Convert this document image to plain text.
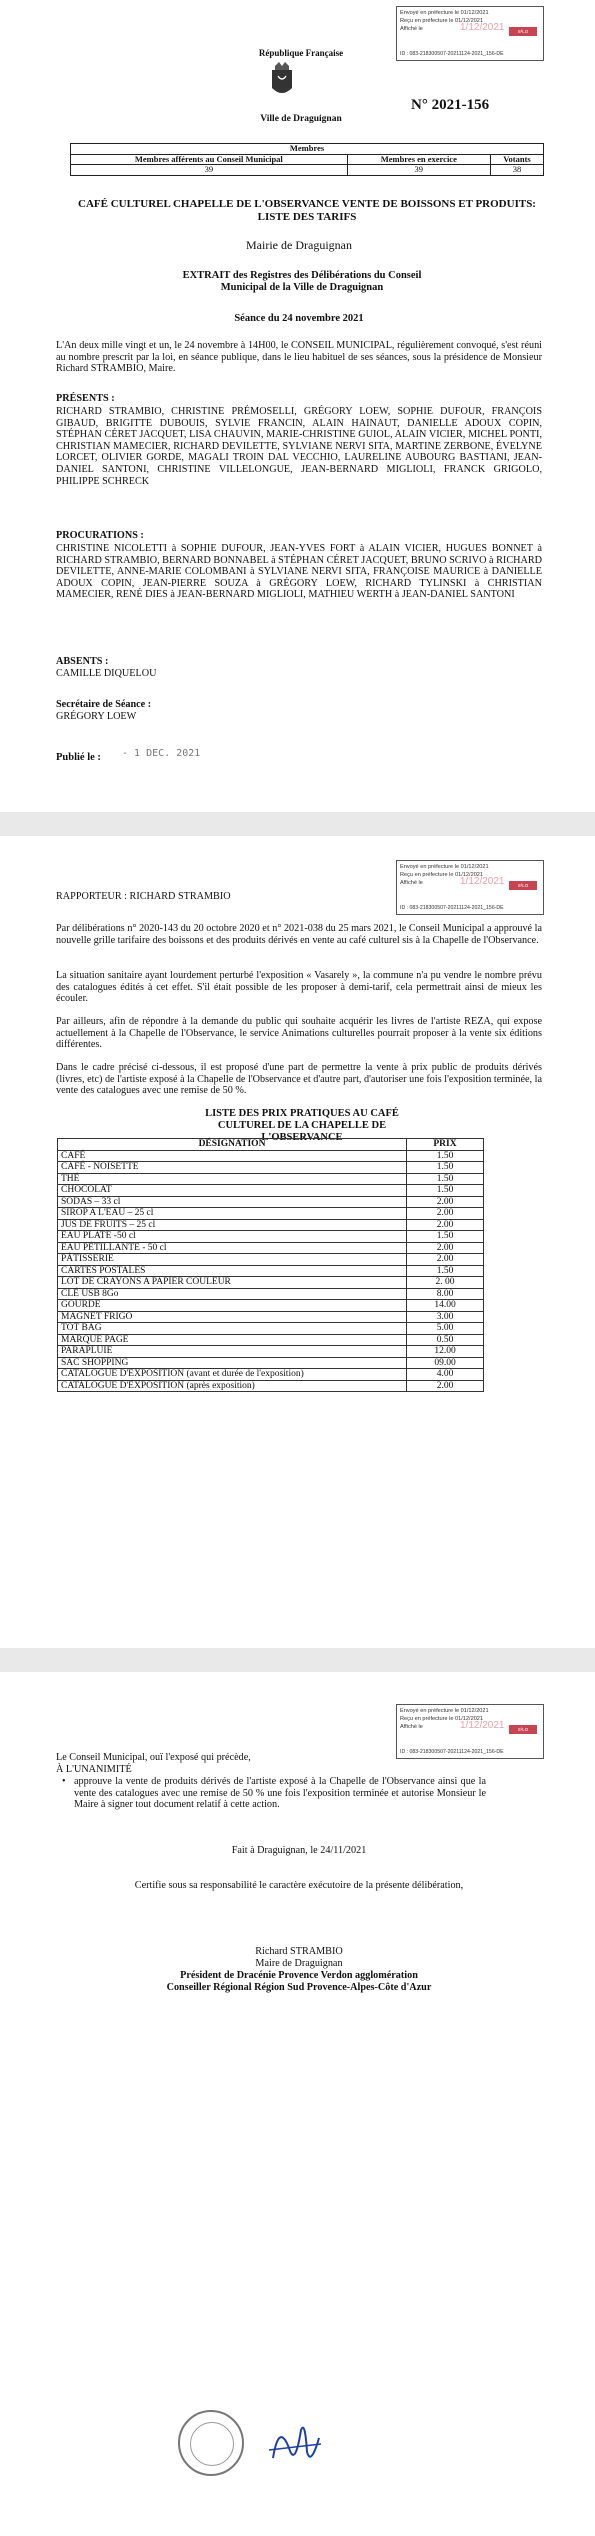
Envoyé en préfecture le 01/12/2021
Reçu en préfecture le 01/12/2021
Affiché le	1/12/2021	S²LO
ID : 083-218300507-20211124-2021_156-DE
République Française
Ville de Draguignan
N° 2021-156
Membres		
Membres afférents au Conseil Municipal	Membres en exercice	Votants
39	39	38
CAFÉ CULTUREL CHAPELLE DE L'OBSERVANCE VENTE DE BOISSONS ET PRODUITS: LISTE DES TARIFS
Mairie de Draguignan
EXTRAIT des Registres des Délibérations du Conseil Municipal de la Ville de Draguignan
Séance du 24 novembre 2021
L'An deux mille vingt et un, le 24 novembre à 14H00, le CONSEIL MUNICIPAL, régulièrement convoqué, s'est réuni au nombre prescrit par la loi, en séance publique, dans le lieu habituel de ses séances, sous la présidence de Monsieur Richard STRAMBIO, Maire.
PRÉSENTS :
RICHARD STRAMBIO, CHRISTINE PRÉMOSELLI, GRÉGORY LOEW, SOPHIE DUFOUR, FRANÇOIS GIBAUD, BRIGITTE DUBOUIS, SYLVIE FRANCIN, ALAIN HAINAUT, DANIELLE ADOUX COPIN, STÉPHAN CÉRET JACQUET, LISA CHAUVIN, MARIE-CHRISTINE GUIOL, ALAIN VICIER, MICHEL PONTI, CHRISTIAN MAMECIER, RICHARD DEVILETTE, SYLVIANE NERVI SITA, MARTINE ZERBONE, ÉVELYNE LORCET, OLIVIER GORDE, MAGALI TROIN DAL VECCHIO, LAURELINE AUBOURG BASTIANI, JEAN-DANIEL SANTONI, CHRISTINE VILLELONGUE, JEAN-BERNARD MIGLIOLI, FRANCK GRIGOLO, PHILIPPE SCHRECK
PROCURATIONS :
CHRISTINE NICOLETTI à SOPHIE DUFOUR, JEAN-YVES FORT à ALAIN VICIER, HUGUES BONNET à RICHARD STRAMBIO, BERNARD BONNABEL à STÉPHAN CÉRET JACQUET, BRUNO SCRIVO à RICHARD DEVILETTE, ANNE-MARIE COLOMBANI à SYLVIANE NERVI SITA, FRANÇOISE MAURICE à DANIELLE ADOUX COPIN, JEAN-PIERRE SOUZA à GRÉGORY LOEW, RICHARD TYLINSKI à CHRISTIAN MAMECIER, RENÉ DIES à JEAN-BERNARD MIGLIOLI, MATHIEU WERTH à JEAN-DANIEL SANTONI
ABSENTS :
CAMILLE DIQUELOU
Secrétaire de Séance :
GRÉGORY LOEW
Publié le : - 1 DEC. 2021
Envoyé en préfecture le 01/12/2021
Reçu en préfecture le 01/12/2021
Affiché le	1/12/2021	S²LO
ID : 083-218300507-20211124-2021_156-DE
RAPPORTEUR : RICHARD STRAMBIO
Par délibérations n° 2020-143 du 20 octobre 2020 et n° 2021-038 du 25 mars 2021, le Conseil Municipal a approuvé la nouvelle grille tarifaire des boissons et des produits dérivés en vente au café culturel sis à la Chapelle de l'Observance.
La situation sanitaire ayant lourdement perturbé l'exposition « Vasarely », la commune n'a pu vendre le nombre prévu des catalogues édités à cet effet. S'il était possible de les proposer à demi-tarif, cela permettrait ainsi de mieux les écouler.
Par ailleurs, afin de répondre à la demande du public qui souhaite acquérir les livres de l'artiste REZA, qui expose actuellement à la Chapelle de l'Observance, le service Animations culturelles pourrait proposer à la vente six éditions différentes.
Dans le cadre précisé ci-dessous, il est proposé d'une part de permettre la vente à prix public de produits dérivés (livres, etc) de l'artiste exposé à la Chapelle de l'Observance et d'autre part, d'autoriser une fois l'exposition terminée, la vente des catalogues avec une remise de 50 %.
LISTE DES PRIX PRATIQUES AU CAFÉ CULTUREL DE LA CHAPELLE DE L'OBSERVANCE
DÉSIGNATION	PRIX
CAFÉ	1.50
CAFÉ - NOISETTE	1.50
THÉ	1.50
CHOCOLAT	1.50
SODAS – 33 cl	2.00
SIROP A L'EAU – 25 cl	2.00
JUS DE FRUITS – 25 cl	2.00
EAU PLATE -50 cl	1.50
EAU PÉTILLANTE - 50 cl	2.00
PÂTISSERIE	2.00
CARTES POSTALES	1.50
LOT DE CRAYONS A PAPIER COULEUR	2. 00
CLÉ USB 8Go	8.00
GOURDE	14.00
MAGNET FRIGO	3.00
TOT BAG	5.00
MARQUE PAGE	0.50
PARAPLUIE	12.00
SAC SHOPPING	09.00
CATALOGUE D'EXPOSITION (avant et durée de l'exposition)	4.00
CATALOGUE D'EXPOSITION (après exposition)	2.00
Envoyé en préfecture le 01/12/2021
Reçu en préfecture le 01/12/2021
Affiché le	1/12/2021	S²LO
ID : 083-218300507-20211124-2021_156-DE
Le Conseil Municipal, ouï l'exposé qui précède,
À L'UNANIMITÉ
• approuve la vente de produits dérivés de l'artiste exposé à la Chapelle de l'Observance ainsi que la vente des catalogues avec une remise de 50 % une fois l'exposition terminée et autorise Monsieur le Maire à signer tout document relatif à cette action.
Fait à Draguignan, le 24/11/2021
Certifie sous sa responsabilité le caractère exécutoire de la présente délibération,
Richard STRAMBIO
Maire de Draguignan
Président de Dracénie Provence Verdon agglomération
Conseiller Régional Région Sud Provence-Alpes-Côte d'Azur
